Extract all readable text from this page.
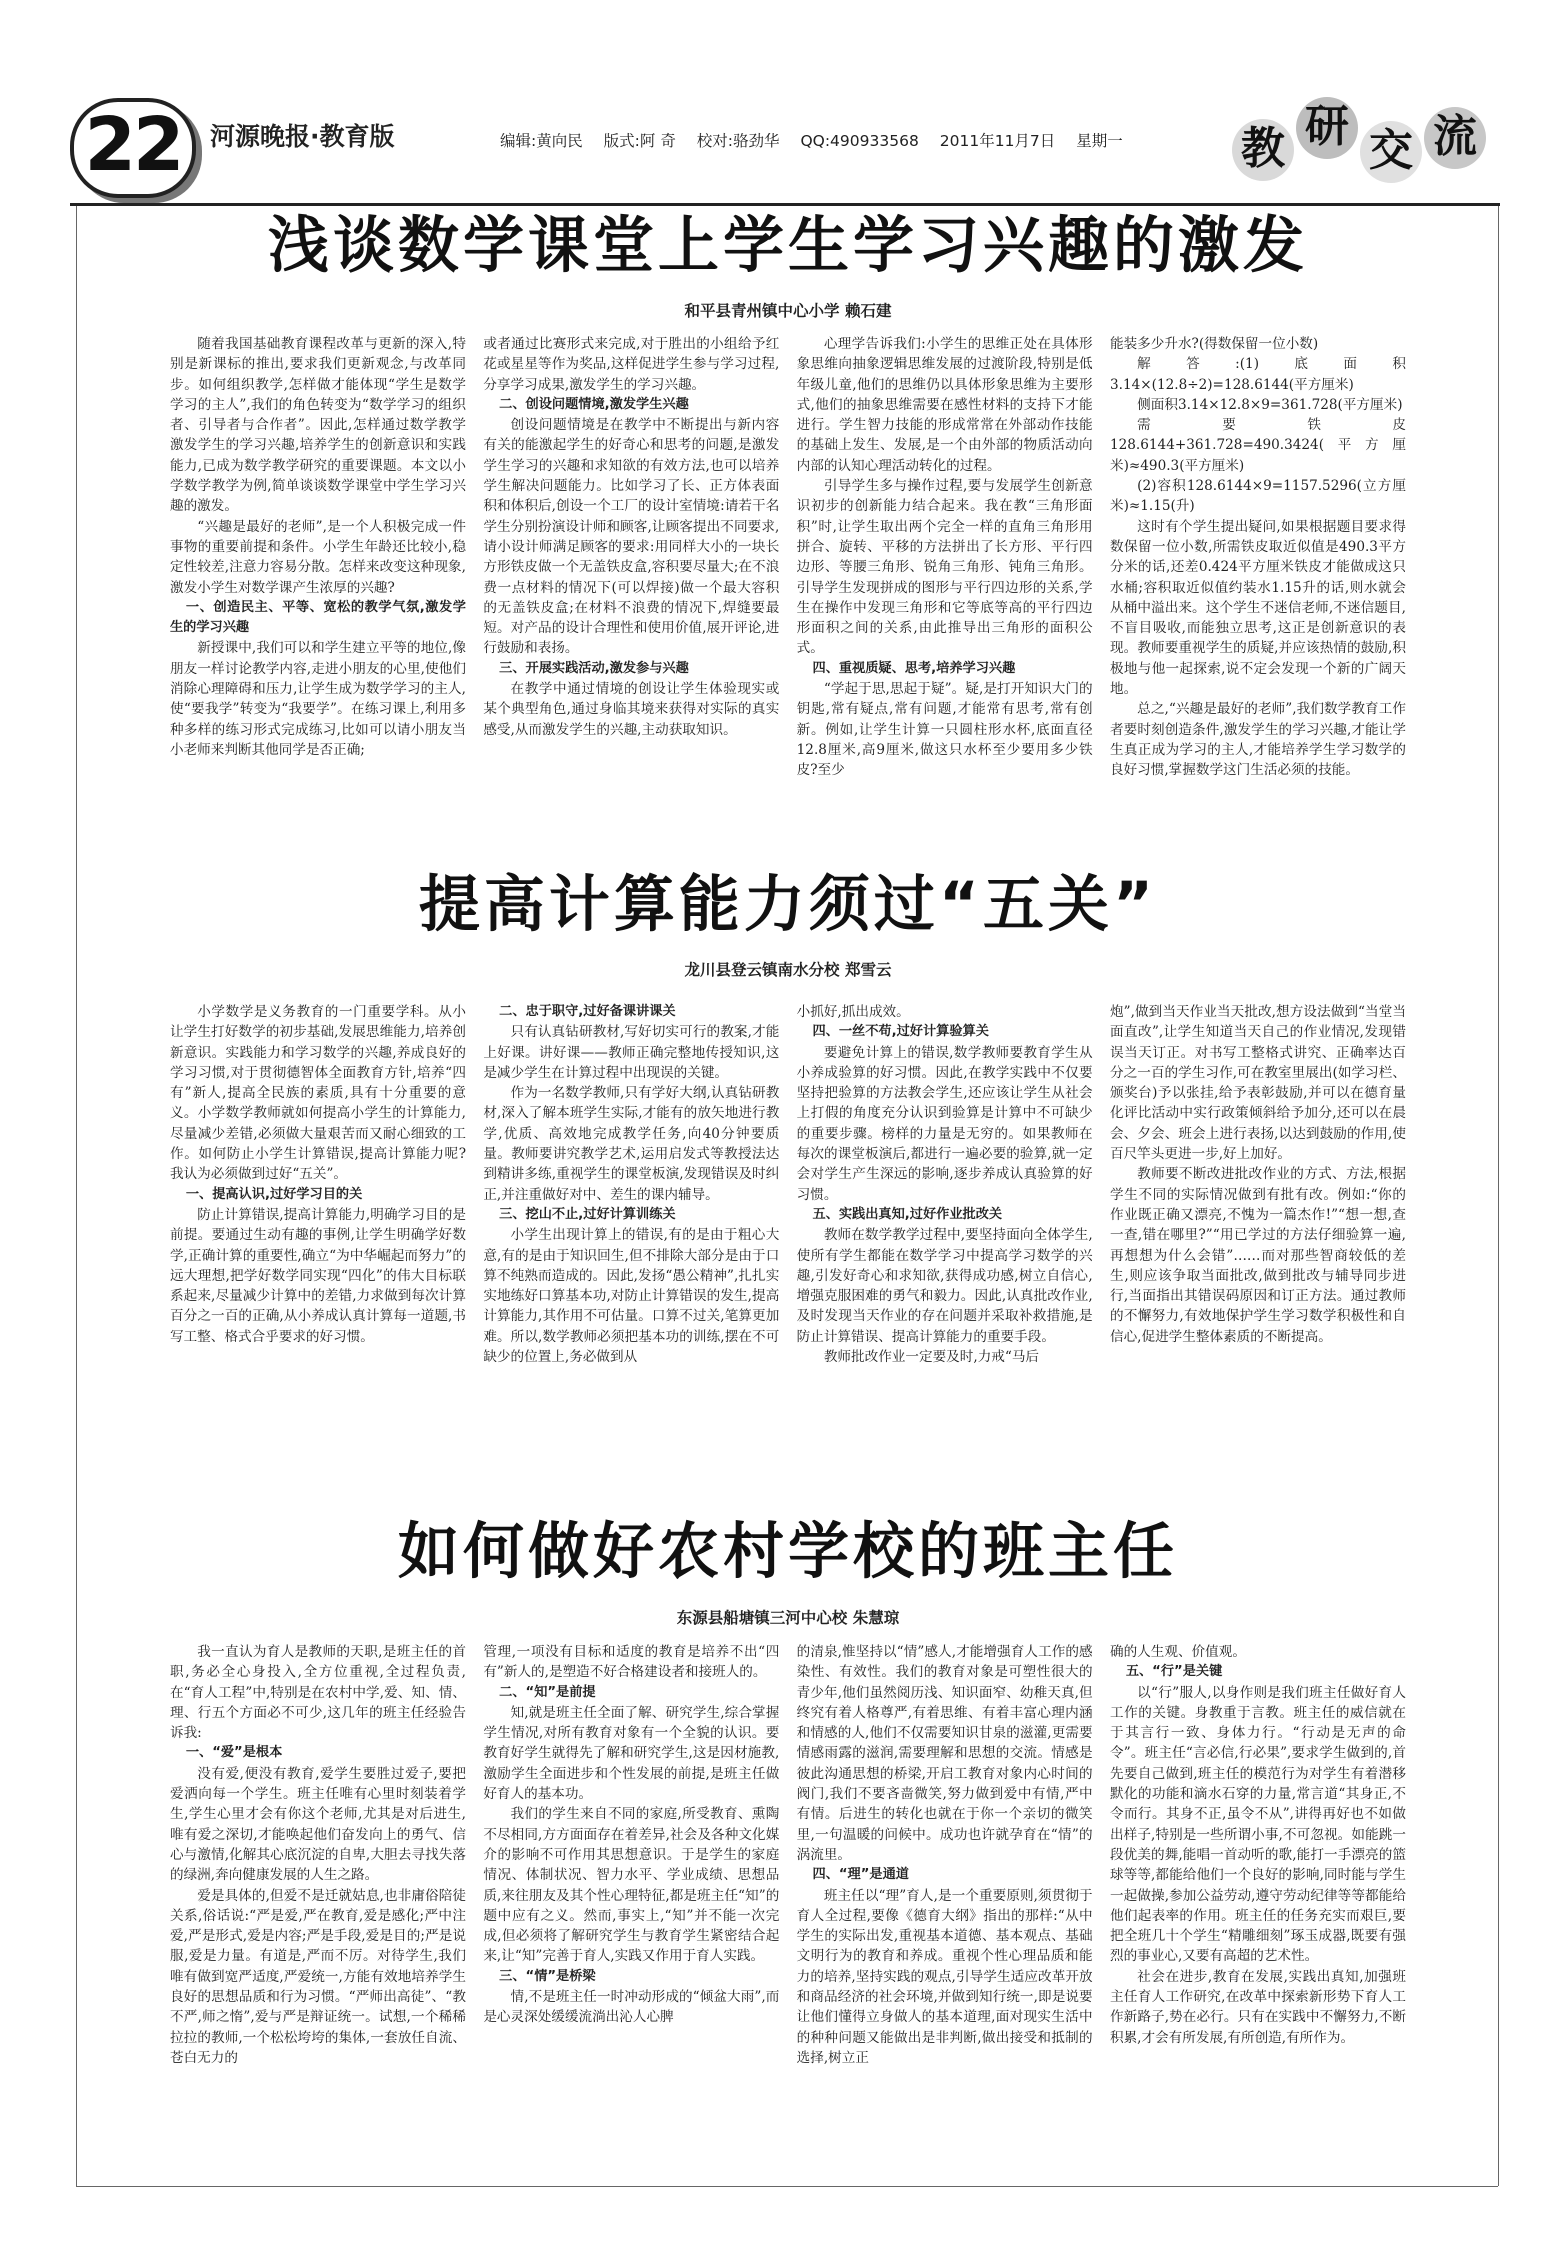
22	河源晚报·教育版	编辑:黄向民 版式:阿 奇 校对:骆劲华 QQ:490933568 2011年11月7日 星期一	教 研 交 流
浅谈数学课堂上学生学习兴趣的激发
和平县青州镇中心小学 赖石建

随着我国基础教育课程改革与更新的深入,特别是新课标的推出,要求我们更新观念,与改革同步。如何组织教学,怎样做才能体现“学生是数学学习的主人”,我们的角色转变为“数学学习的组织者、引导者与合作者”。因此,怎样通过数学教学激发学生的学习兴趣,培养学生的创新意识和实践能力,已成为数学教学研究的重要课题。本文以小学数学教学为例,简单谈谈数学课堂中学生学习兴趣的激发。

“兴趣是最好的老师”,是一个人积极完成一件事物的重要前提和条件。小学生年龄还比较小,稳定性较差,注意力容易分散。怎样来改变这种现象,激发小学生对数学课产生浓厚的兴趣?

一、创造民主、平等、宽松的教学气氛,激发学生的学习兴趣

新授课中,我们可以和学生建立平等的地位,像朋友一样讨论教学内容,走进小朋友的心里,使他们消除心理障碍和压力,让学生成为数学学习的主人,使“要我学”转变为“我要学”。在练习课上,利用多种多样的练习形式完成练习,比如可以请小朋友当小老师来判断其他同学是否正确;

或者通过比赛形式来完成,对于胜出的小组给予红花或星星等作为奖品,这样促进学生参与学习过程,分享学习成果,激发学生的学习兴趣。

二、创设问题情境,激发学生兴趣

创设问题情境是在教学中不断提出与新内容有关的能激起学生的好奇心和思考的问题,是激发学生学习的兴趣和求知欲的有效方法,也可以培养学生解决问题能力。比如学习了长、正方体表面积和体积后,创设一个工厂的设计室情境:请若干名学生分别扮演设计师和顾客,让顾客提出不同要求,请小设计师满足顾客的要求:用同样大小的一块长方形铁皮做一个无盖铁皮盒,容积要尽量大;在不浪费一点材料的情况下(可以焊接)做一个最大容积的无盖铁皮盒;在材料不浪费的情况下,焊缝要最短。对产品的设计合理性和使用价值,展开评论,进行鼓励和表扬。

三、开展实践活动,激发参与兴趣

在教学中通过情境的创设让学生体验现实或某个典型角色,通过身临其境来获得对实际的真实感受,从而激发学生的兴趣,主动获取知识。

心理学告诉我们:小学生的思维正处在具体形象思维向抽象逻辑思维发展的过渡阶段,特别是低年级儿童,他们的思维仍以具体形象思维为主要形式,他们的抽象思维需要在感性材料的支持下才能进行。学生智力技能的形成常常在外部动作技能的基础上发生、发展,是一个由外部的物质活动向内部的认知心理活动转化的过程。

引导学生多与操作过程,要与发展学生创新意识初步的创新能力结合起来。我在教“三角形面积”时,让学生取出两个完全一样的直角三角形用拼合、旋转、平移的方法拼出了长方形、平行四边形、等腰三角形、锐角三角形、钝角三角形。引导学生发现拼成的图形与平行四边形的关系,学生在操作中发现三角形和它等底等高的平行四边形面积之间的关系,由此推导出三角形的面积公式。

四、重视质疑、思考,培养学习兴趣

“学起于思,思起于疑”。疑,是打开知识大门的钥匙,常有疑点,常有问题,才能常有思考,常有创新。例如,让学生计算一只圆柱形水杯,底面直径12.8厘米,高9厘米,做这只水杯至少要用多少铁皮?至少

能装多少升水?(得数保留一位小数)

解答:(1)底面积3.14×(12.8÷2)=128.6144(平方厘米)

侧面积3.14×12.8×9=361.728(平方厘米)

需要铁皮128.6144+361.728=490.3424(平方厘米)≈490.3(平方厘米)

(2)容积128.6144×9=1157.5296(立方厘米)≈1.15(升)

这时有个学生提出疑问,如果根据题目要求得数保留一位小数,所需铁皮取近似值是490.3平方分米的话,还差0.424平方厘米铁皮才能做成这只水桶;容积取近似值约装水1.15升的话,则水就会从桶中溢出来。这个学生不迷信老师,不迷信题目,不盲目吸收,而能独立思考,这正是创新意识的表现。教师要重视学生的质疑,并应该热情的鼓励,积极地与他一起探索,说不定会发现一个新的广阔天地。

总之,“兴趣是最好的老师”,我们数学教育工作者要时刻创造条件,激发学生的学习兴趣,才能让学生真正成为学习的主人,才能培养学生学习数学的良好习惯,掌握数学这门生活必须的技能。

提高计算能力须过“五关”
龙川县登云镇南水分校 郑雪云

小学数学是义务教育的一门重要学科。从小让学生打好数学的初步基础,发展思维能力,培养创新意识。实践能力和学习数学的兴趣,养成良好的学习习惯,对于贯彻德智体全面教育方针,培养“四有”新人,提高全民族的素质,具有十分重要的意义。小学数学教师就如何提高小学生的计算能力,尽量减少差错,必须做大量艰苦而又耐心细致的工作。如何防止小学生计算错误,提高计算能力呢?我认为必须做到过好“五关”。

一、提高认识,过好学习目的关

防止计算错误,提高计算能力,明确学习目的是前提。要通过生动有趣的事例,让学生明确学好数学,正确计算的重要性,确立“为中华崛起而努力”的远大理想,把学好数学同实现“四化”的伟大目标联系起来,尽量减少计算中的差错,力求做到每次计算百分之一百的正确,从小养成认真计算每一道题,书写工整、格式合乎要求的好习惯。

二、忠于职守,过好备课讲课关

只有认真钻研教材,写好切实可行的教案,才能上好课。讲好课——教师正确完整地传授知识,这是减少学生在计算过程中出现误的关键。

作为一名数学教师,只有学好大纲,认真钻研教材,深入了解本班学生实际,才能有的放矢地进行教学,优质、高效地完成教学任务,向40分钟要质量。教师要讲究教学艺术,运用启发式等教授法达到精讲多练,重视学生的课堂板演,发现错误及时纠正,并注重做好对中、差生的课内辅导。

三、挖山不止,过好计算训练关

小学生出现计算上的错误,有的是由于粗心大意,有的是由于知识回生,但不排除大部分是由于口算不纯熟而造成的。因此,发扬“愚公精神”,扎扎实实地练好口算基本功,对防止计算错误的发生,提高计算能力,其作用不可估量。口算不过关,笔算更加难。所以,数学教师必须把基本功的训练,摆在不可缺少的位置上,务必做到从

小抓好,抓出成效。

四、一丝不苟,过好计算验算关

要避免计算上的错误,数学教师要教育学生从小养成验算的好习惯。因此,在教学实践中不仅要坚持把验算的方法教会学生,还应该让学生从社会上打假的角度充分认识到验算是计算中不可缺少的重要步骤。榜样的力量是无穷的。如果教师在每次的课堂板演后,都进行一遍必要的验算,就一定会对学生产生深远的影响,逐步养成认真验算的好习惯。

五、实践出真知,过好作业批改关

教师在数学教学过程中,要坚持面向全体学生,使所有学生都能在数学学习中提高学习数学的兴趣,引发好奇心和求知欲,获得成功感,树立自信心,增强克服困难的勇气和毅力。因此,认真批改作业,及时发现当天作业的存在问题并采取补救措施,是防止计算错误、提高计算能力的重要手段。

教师批改作业一定要及时,力戒“马后

炮”,做到当天作业当天批改,想方设法做到“当堂当面直改”,让学生知道当天自己的作业情况,发现错误当天订正。对书写工整格式讲究、正确率达百分之一百的学生习作,可在教室里展出(如学习栏、颁奖台)予以张挂,给予表彰鼓励,并可以在德育量化评比活动中实行政策倾斜给予加分,还可以在晨会、夕会、班会上进行表扬,以达到鼓励的作用,使百尺竿头更进一步,好上加好。

教师要不断改进批改作业的方式、方法,根据学生不同的实际情况做到有批有改。例如:“你的作业既正确又漂亮,不愧为一篇杰作!”“想一想,查一查,错在哪里?”“用已学过的方法仔细验算一遍,再想想为什么会错”……而对那些智商较低的差生,则应该争取当面批改,做到批改与辅导同步进行,当面指出其错误码原因和订正方法。通过教师的不懈努力,有效地保护学生学习数学积极性和自信心,促进学生整体素质的不断提高。

如何做好农村学校的班主任
东源县船塘镇三河中心校 朱慧琼

我一直认为育人是教师的天职,是班主任的首职,务必全心身投入,全方位重视,全过程负责,在“育人工程”中,特别是在农村中学,爱、知、情、理、行五个方面必不可少,这几年的班主任经验告诉我:

一、“爱”是根本

没有爱,便没有教育,爱学生要胜过爱子,要把爱洒向每一个学生。班主任唯有心里时刻装着学生,学生心里才会有你这个老师,尤其是对后进生,唯有爱之深切,才能唤起他们奋发向上的勇气、信心与激情,化解其心底沉淀的自卑,大胆去寻找失落的绿洲,奔向健康发展的人生之路。

爱是具体的,但爱不是迁就姑息,也非庸俗陪徒关系,俗话说:“严是爱,严在教育,爱是感化;严中注爱,严是形式,爱是内容;严是手段,爱是目的;严是说服,爱是力量。有道是,严而不厉。对待学生,我们唯有做到宽严适度,严爱统一,方能有效地培养学生良好的思想品质和行为习惯。“严师出高徒”、“教不严,师之惰”,爱与严是辩证统一。试想,一个稀稀拉拉的教师,一个松松垮垮的集体,一套放任自流、苍白无力的

管理,一项没有目标和适度的教育是培养不出“四有”新人的,是塑造不好合格建设者和接班人的。

二、“知”是前提

知,就是班主任全面了解、研究学生,综合掌握学生情况,对所有教育对象有一个全貌的认识。要教育好学生就得先了解和研究学生,这是因材施教,激励学生全面进步和个性发展的前提,是班主任做好育人的基本功。

我们的学生来自不同的家庭,所受教育、熏陶不尽相同,方方面面存在着差异,社会及各种文化媒介的影响不可作用其思想意识。于是学生的家庭情况、体制状况、智力水平、学业成绩、思想品质,来往朋友及其个性心理特征,都是班主任“知”的题中应有之义。然而,事实上,“知”并不能一次完成,但必须将了解研究学生与教育学生紧密结合起来,让“知”完善于育人,实践又作用于育人实践。

三、“情”是桥梁

情,不是班主任一时冲动形成的“倾盆大雨”,而是心灵深处缓缓流淌出沁人心脾

的清泉,惟坚持以“情”感人,才能增强育人工作的感染性、有效性。我们的教育对象是可塑性很大的青少年,他们虽然阅历浅、知识面窄、幼稚天真,但终究有着人格尊严,有着思维、有着丰富心理内涵和情感的人,他们不仅需要知识甘泉的滋灌,更需要情感雨露的滋润,需要理解和思想的交流。情感是彼此沟通思想的桥梁,开启工教育对象内心时间的阀门,我们不要吝啬微笑,努力做到爱中有情,严中有情。后进生的转化也就在于你一个亲切的微笑里,一句温暖的问候中。成功也许就孕育在“情”的涡流里。

四、“理”是通道

班主任以“理”育人,是一个重要原则,须贯彻于育人全过程,要像《德育大纲》指出的那样:“从中学生的实际出发,重视基本道德、基本观点、基础文明行为的教育和养成。重视个性心理品质和能力的培养,坚持实践的观点,引导学生适应改革开放和商品经济的社会环境,并做到知行统一,即是说要让他们懂得立身做人的基本道理,面对现实生活中的种种问题又能做出是非判断,做出接受和抵制的选择,树立正

确的人生观、价值观。

五、“行”是关键

以“行”服人,以身作则是我们班主任做好育人工作的关键。身教重于言教。班主任的威信就在于其言行一致、身体力行。“行动是无声的命令”。班主任“言必信,行必果”,要求学生做到的,首先要自己做到,班主任的模范行为对学生有着潜移默化的功能和滴水石穿的力量,常言道“其身正,不令而行。其身不正,虽令不从”,讲得再好也不如做出样子,特别是一些所谓小事,不可忽视。如能跳一段优美的舞,能唱一首动听的歌,能打一手漂亮的篮球等等,都能给他们一个良好的影响,同时能与学生一起做操,参加公益劳动,遵守劳动纪律等等都能给他们起表率的作用。班主任的任务充实而艰巨,要把全班几十个学生“精雕细刻”琢玉成器,既要有强烈的事业心,又要有高超的艺术性。

社会在进步,教育在发展,实践出真知,加强班主任育人工作研究,在改革中探索新形势下育人工作新路子,势在必行。只有在实践中不懈努力,不断积累,才会有所发展,有所创造,有所作为。
